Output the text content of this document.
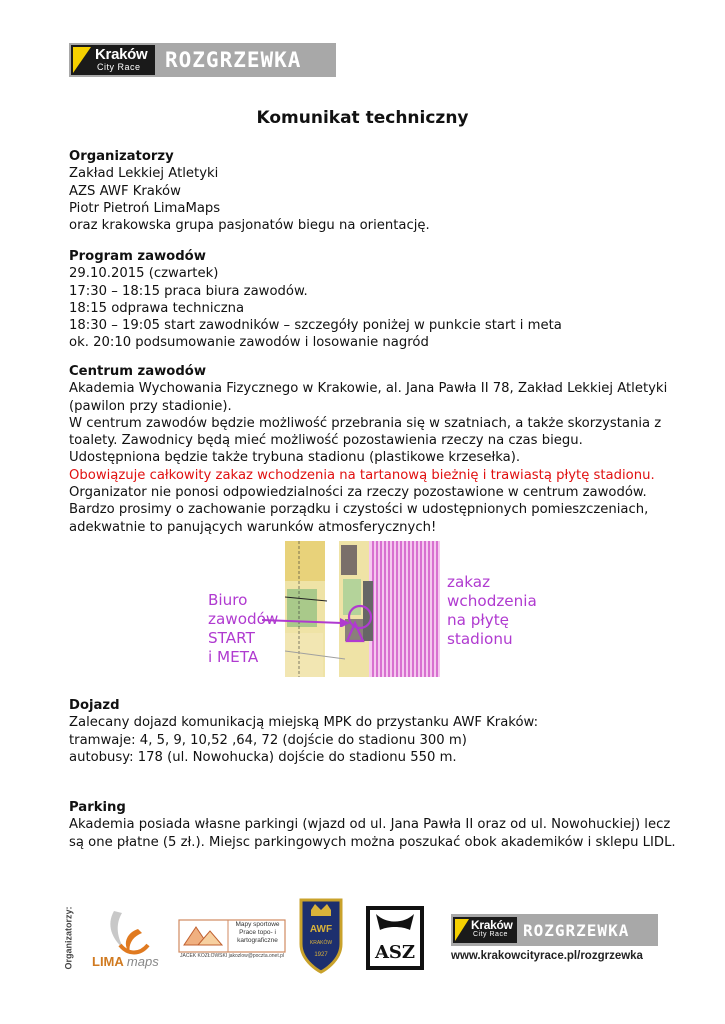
Kraków
City Race ROZGRZEWKA
Komunikat techniczny
Organizatorzy
Zakład Lekkiej Atletyki
AZS AWF Kraków
Piotr Pietroń LimaMaps
oraz krakowska grupa pasjonatów biegu na orientację.
Program zawodów
29.10.2015 (czwartek)
17:30 – 18:15 praca biura zawodów.
18:15 odprawa techniczna
18:30 – 19:05 start zawodników – szczegóły poniżej w punkcie start i meta
ok. 20:10 podsumowanie zawodów i losowanie nagród
Centrum zawodów
Akademia Wychowania Fizycznego w Krakowie, al. Jana Pawła II 78, Zakład Lekkiej Atletyki
(pawilon przy stadionie).
W centrum zawodów będzie możliwość przebrania się w szatniach, a także skorzystania z
toalety. Zawodnicy będą mieć możliwość pozostawienia rzeczy na czas biegu.
Udostępniona będzie także trybuna stadionu (plastikowe krzesełka).
Obowiązuje całkowity zakaz wchodzenia na tartanową bieżnię i trawiastą płytę stadionu.
Organizator nie ponosi odpowiedzialności za rzeczy pozostawione w centrum zawodów.
Bardzo prosimy o zachowanie porządku i czystości w udostępnionych pomieszczeniach,
adekwatnie to panujących warunków atmosferycznych!
Biuro
zawodów
START
i META
zakaz
wchodzenia
na płytę
stadionu
Dojazd
Zalecany dojazd komunikacją miejską MPK do przystanku AWF Kraków:
tramwaje: 4, 5, 9, 10,52 ,64, 72 (dojście do stadionu 300 m)
autobusy: 178 (ul. Nowohucka) dojście do stadionu 550 m.
Parking
Akademia posiada własne parkingi (wjazd od ul. Jana Pawła II oraz od ul. Nowohuckiej) lecz
są one płatne (5 zł.). Miejsc parkingowych można poszukać obok akademików i sklepu LIDL.
Organizatorzy: LIMA maps
Mapy sportowe Prace topo- i kartograficzne
JACEK KOZŁOWSKI jakozlow@poczta.onet.pl
AWF
KRAKÓW
1927	ASZ
Kraków
City Race ROZGRZEWKA
www.krakowcityrace.pl/rozgrzewka
